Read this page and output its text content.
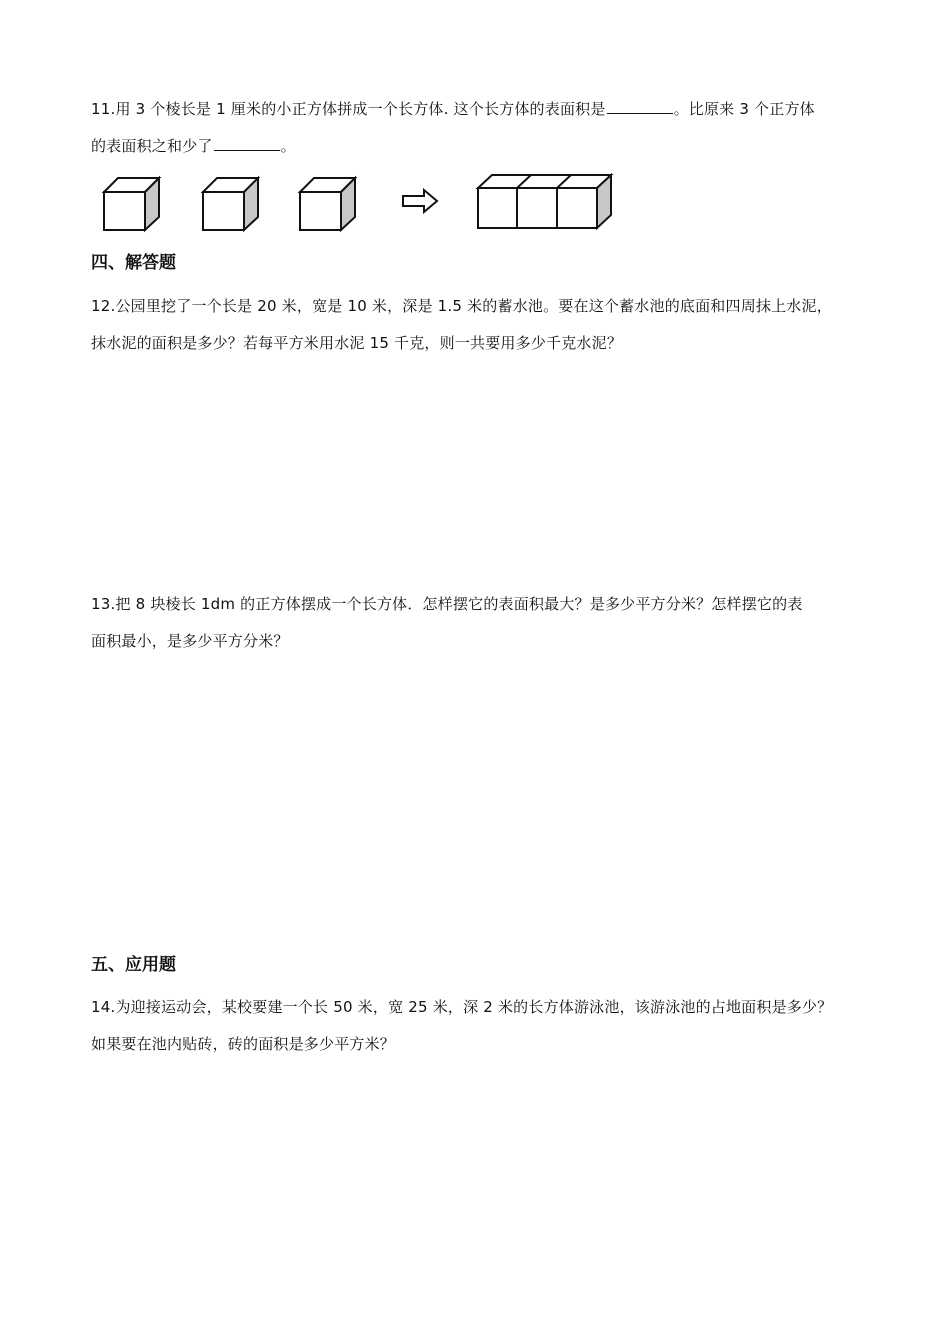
11.用 3 个棱长是 1 厘米的小正方体拼成一个长方体. 这个长方体的表面积是	。比原来 3 个正方体
的表面积之和少了	。
四、解答题
12.公园里挖了一个长是 20 米，宽是 10 米，深是 1.5 米的蓄水池。要在这个蓄水池的底面和四周抹上水泥，
抹水泥的面积是多少？若每平方米用水泥 15 千克，则一共要用多少千克水泥？
13.把 8 块棱长 1dm 的正方体摆成一个长方体．怎样摆它的表面积最大？是多少平方分米？怎样摆它的表
面积最小，是多少平方分米？
五、应用题
14.为迎接运动会，某校要建一个长 50 米，宽 25 米，深 2 米的长方体游泳池，该游泳池的占地面积是多少？
如果要在池内贴砖，砖的面积是多少平方米？
